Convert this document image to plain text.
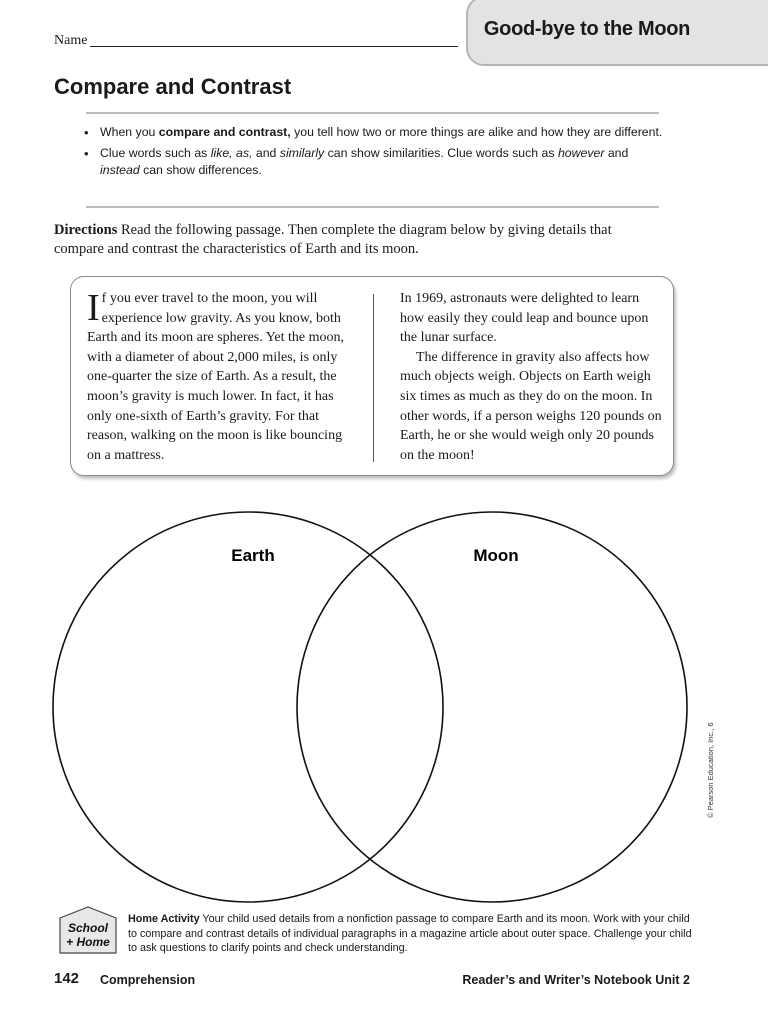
Good-bye to the Moon
Name
Compare and Contrast
• When you compare and contrast, you tell how two or more things are alike and how they are different.
• Clue words such as like, as, and similarly can show similarities. Clue words such as however and instead can show differences.
Directions Read the following passage. Then complete the diagram below by giving details that compare and contrast the characteristics of Earth and its moon.
If you ever travel to the moon, you will experience low gravity. As you know, both Earth and its moon are spheres. Yet the moon, with a diameter of about 2,000 miles, is only one-quarter the size of Earth. As a result, the moon’s gravity is much lower. In fact, it has only one-sixth of Earth’s gravity. For that reason, walking on the moon is like bouncing on a mattress.
In 1969, astronauts were delighted to learn how easily they could leap and bounce upon the lunar surface.
The difference in gravity also affects how much objects weigh. Objects on Earth weigh six times as much as they do on the moon. In other words, if a person weighs 120 pounds on Earth, he or she would weigh only 20 pounds on the moon!
Earth	Moon
School
+ Home
Home Activity Your child used details from a nonfiction passage to compare Earth and its moon. Work with your child to compare and contrast details of individual paragraphs in a magazine article about outer space. Challenge your child to ask questions to clarify points and check understanding.
142 Comprehension	Reader’s and Writer’s Notebook Unit 2
© Pearson Education, Inc., 6
